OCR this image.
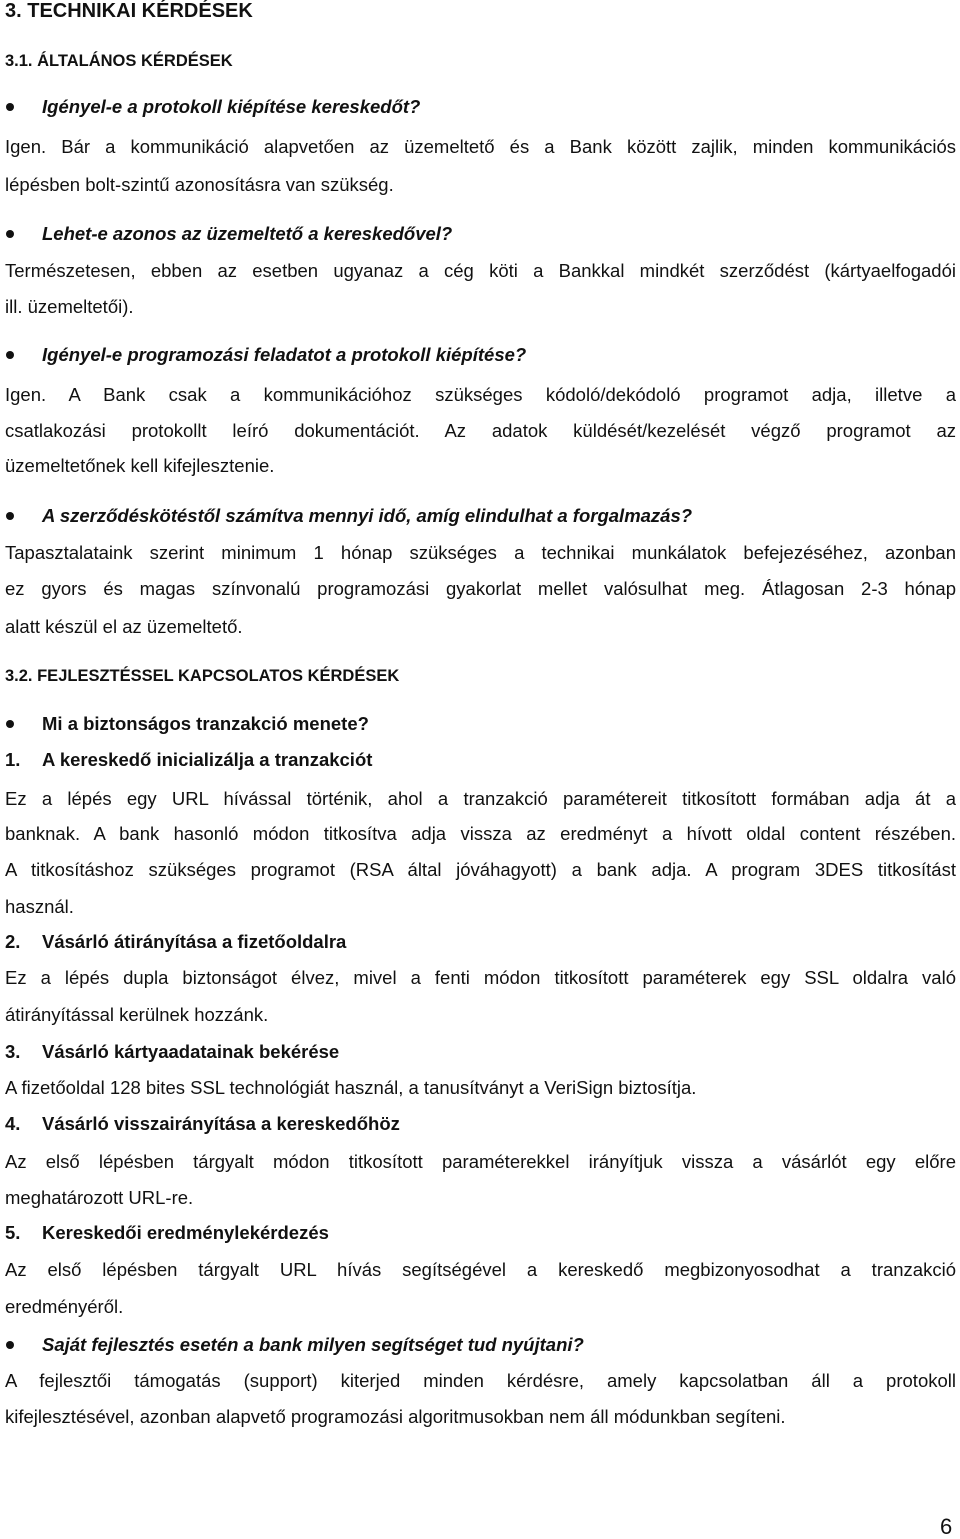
3. TECHNIKAI KÉRDÉSEK
3.1. ÁLTALÁNOS KÉRDÉSEK
Igényel-e a protokoll kiépítése kereskedőt?
Igen. Bár a kommunikáció alapvetően az üzemeltető és a Bank között zajlik, minden kommunikációs
lépésben bolt-szintű azonosításra van szükség.
Lehet-e azonos az üzemeltető a kereskedővel?
Természetesen, ebben az esetben ugyanaz a cég köti a Bankkal mindkét szerződést (kártyaelfogadói
ill. üzemeltetői).
Igényel-e programozási feladatot a protokoll kiépítése?
Igen. A Bank csak a kommunikációhoz szükséges kódoló/dekódoló programot adja, illetve a
csatlakozási protokollt leíró dokumentációt. Az adatok küldését/kezelését végző programot az
üzemeltetőnek kell kifejlesztenie.
A szerződéskötéstől számítva mennyi idő, amíg elindulhat a forgalmazás?
Tapasztalataink szerint minimum 1 hónap szükséges a technikai munkálatok befejezéséhez, azonban
ez gyors és magas színvonalú programozási gyakorlat mellet valósulhat meg. Átlagosan 2-3 hónap
alatt készül el az üzemeltető.
3.2. FEJLESZTÉSSEL KAPCSOLATOS KÉRDÉSEK
Mi a biztonságos tranzakció menete?
1. A kereskedő inicializálja a tranzakciót
Ez a lépés egy URL hívással történik, ahol a tranzakció paramétereit titkosított formában adja át a
banknak. A bank hasonló módon titkosítva adja vissza az eredményt a hívott oldal content részében.
A titkosításhoz szükséges programot (RSA által jóváhagyott) a bank adja. A program 3DES titkosítást
használ.
2. Vásárló átirányítása a fizetőoldalra
Ez a lépés dupla biztonságot élvez, mivel a fenti módon titkosított paraméterek egy SSL oldalra való
átirányítással kerülnek hozzánk.
3. Vásárló kártyaadatainak bekérése
A fizetőoldal 128 bites SSL technológiát használ, a tanusítványt a VeriSign biztosítja.
4. Vásárló visszairányítása a kereskedőhöz
Az első lépésben tárgyalt módon titkosított paraméterekkel irányítjuk vissza a vásárlót egy előre
meghatározott URL-re.
5. Kereskedői eredménylekérdezés
Az első lépésben tárgyalt URL hívás segítségével a kereskedő megbizonyosodhat a tranzakció
eredményéről.
Saját fejlesztés esetén a bank milyen segítséget tud nyújtani?
A fejlesztői támogatás (support) kiterjed minden kérdésre, amely kapcsolatban áll a protokoll
kifejlesztésével, azonban alapvető programozási algoritmusokban nem áll módunkban segíteni.
6
